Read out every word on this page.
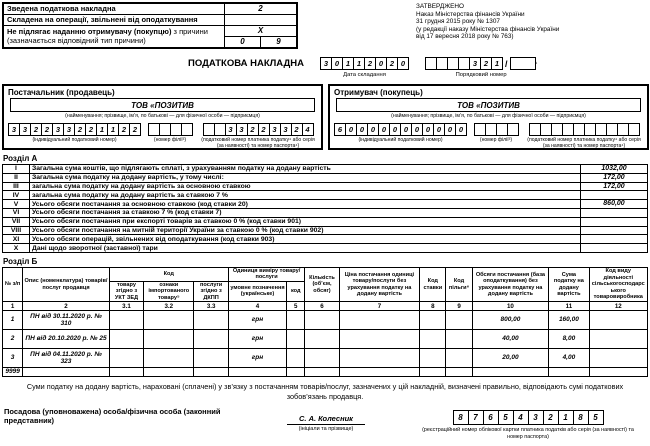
Зведена податкова накладна	2	
Складена на операції, звільнені від оподаткування		
Не підлягає наданню отримувачу (покупцю) з причини
(зазначається відповідний тип причини)	X	
	0	9
ЗАТВЕРДЖЕНО
Наказ Міністерства фінансів України
31 грудня 2015 року № 1307
(у редакції наказу Міністерства фінансів України
від 17 вересня 2018 року № 763)
ПОДАТКОВА НАКЛАДНА	3 0 1 1 2 0 2 0
Дата складання
3 2 1 /	¹
Порядковий номер
Постачальник (продавець)
ТОВ «ПОЗИТИВ
(найменування; прізвище, ім’я, по батькові — для фізичної особи — підприємця)
3 3 2 2 3 3 2 2 1 1 2 2
(індивідуальний податковий номер)	(номер філії³)
3 3 2 2 3 3 2 4
(податковий номер платника податку⁴ або серія (за наявності) та номер паспорта⁴)
Отримувач (покупець)
ТОВ «ПОЗИТИВ
(найменування; прізвище, ім’я, по батькові — для фізичної особи — підприємця)
6 0 0 0 0 0 0 0 0 0 0 0
(індивідуальний податковий номер)	(номер філії³)	(податковий номер платника податку⁴ або серія (за наявності) та номер паспорта⁴)
Розділ А
I	Загальна сума коштів, що підлягають сплаті, з урахуванням податку на додану вартість	1032,00
II	Загальна сума податку на додану вартість, у тому числі:	172,00
III	загальна сума податку на додану вартість за основною ставкою	172,00
IV	загальна сума податку на додану вартість за ставкою 7 %	
V	Усього обсяги постачання за основною ставкою (код ставки 20)	860,00
VI	Усього обсяги постачання за ставкою 7 % (код ставки 7)	
VII	Усього обсяги постачання при експорті товарів за ставкою 0 % (код ставки 901)	
VIII	Усього обсяги постачання на митній території України за ставкою 0 % (код ставки 902)	
XI	Усього обсяги операцій, звільнених від оподаткування (код ставки 903)	
X	Дані щодо зворотної (заставної) тари	
Розділ Б
№ з/п	Опис (номенклатура) товарів/послуг продавця	Код			Одиниця виміру товару/послуги		Кількість (об’єм, обсяг)	Ціна постачання одиниці товару/послуги без урахування податку на додану вартість	Код ставки	Код пільги⁶	Обсяги постачання (база оподаткування) без урахування податку на додану вартість	Сума податку на додану вартість	Код виду діяльності сільськогосподарського товаровиробника
		товару згідно з УКТ ЗЕД	ознаки імпортованого товару⁵	послуги згідно з ДКПП	умовне позначення (українське)	код							
1	2	3.1	3.2	3.3	4	5	6	7	8	9	10	11	12
1	ПН від 30.11.2020 р. № 310				грн						800,00	160,00	
2	ПН від 20.10.2020 р. № 25				грн						40,00	8,00	
3	ПН від 04.11.2020 р. № 323				грн						20,00	4,00	
9999													
Суми податку на додану вартість, нараховані (сплачені) у зв’язку з постачанням товарів/послуг, зазначених у цій накладній, визначені правильно, відповідають сумі податкових зобов’язань продавця.
Посадова (уповноважена) особа/фізична особа (законний представник)	С. А. Колесник
(ініціали та прізвище)
8	7	6	5	4	3	2	1	8	5
(реєстраційний номер облікової картки платника податків або серія (за наявності) та номер паспорта)
